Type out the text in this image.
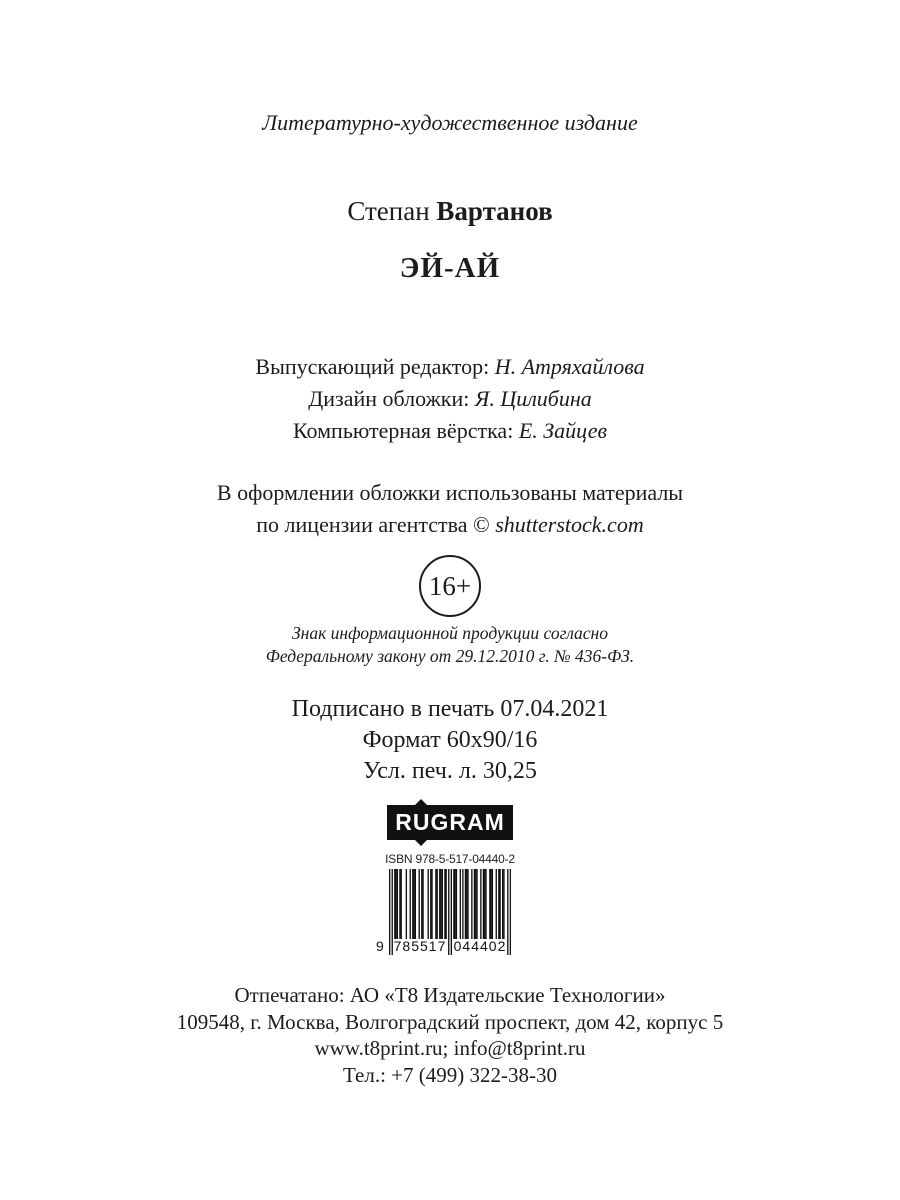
Литературно-художественное издание
Степан Вартанов
ЭЙ-АЙ
Выпускающий редактор: Н. Атряхайлова
Дизайн обложки: Я. Цилибина
Компьютерная вёрстка: Е. Зайцев
В оформлении обложки использованы материалы
по лицензии агентства © shutterstock.com
16+
Знак информационной продукции согласно
Федеральному закону от 29.12.2010 г. № 436-ФЗ.
Подписано в печать 07.04.2021
Формат 60х90/16
Усл. печ. л. 30,25
RUGRAM
ISBN 978-5-517-04440-2
9 785517 044402
Отпечатано: АО «Т8 Издательские Технологии»
109548, г. Москва, Волгоградский проспект, дом 42, корпус 5
www.t8print.ru; info@t8print.ru
Тел.: +7 (499) 322-38-30
